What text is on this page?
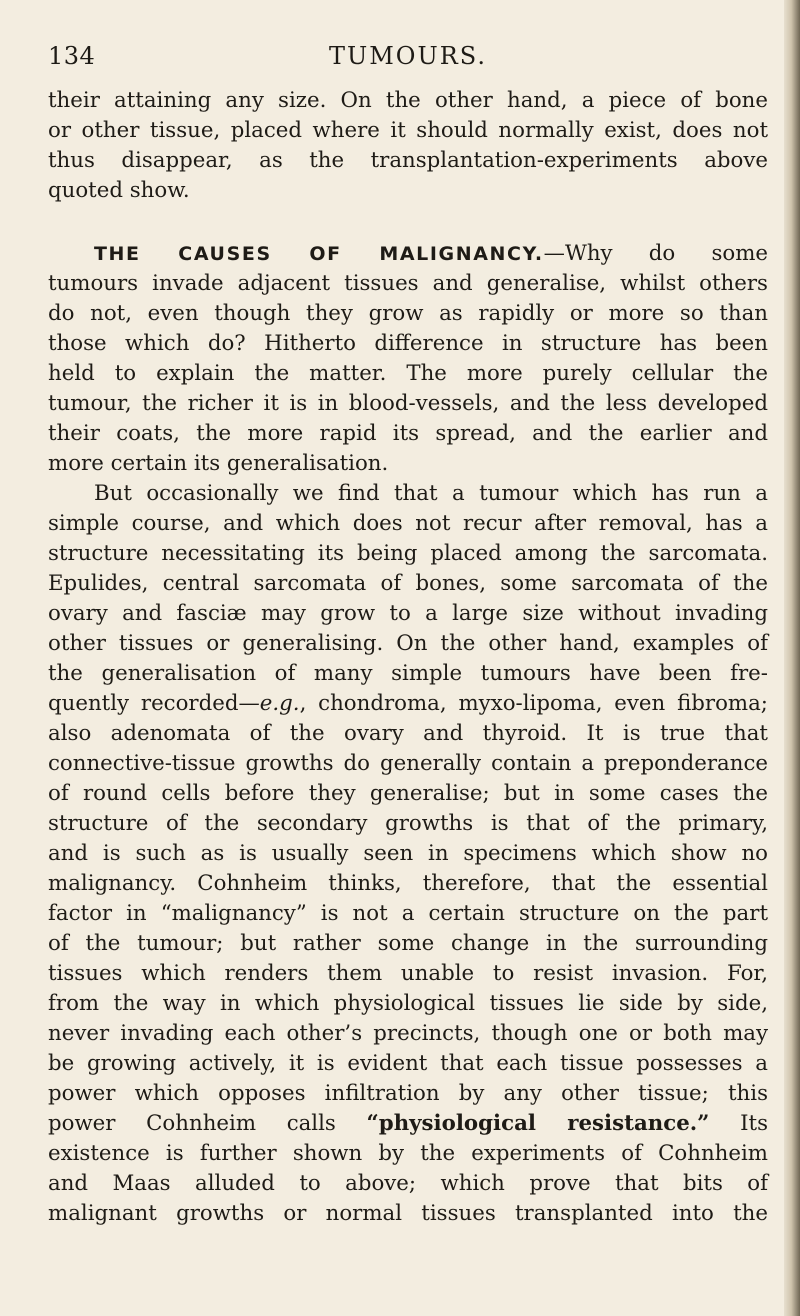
134	TUMOURS.

their attaining any size. On the other hand, a piece of bone
or other tissue, placed where it should normally exist, does not
thus disappear, as the transplantation-experiments above
quoted show.

THE CAUSES OF MALIGNANCY.—Why do some
tumours invade adjacent tissues and generalise, whilst others
do not, even though they grow as rapidly or more so than
those which do? Hitherto difference in structure has been
held to explain the matter. The more purely cellular the
tumour, the richer it is in blood-vessels, and the less developed
their coats, the more rapid its spread, and the earlier and
more certain its generalisation.

But occasionally we find that a tumour which has run a
simple course, and which does not recur after removal, has a
structure necessitating its being placed among the sarcomata.
Epulides, central sarcomata of bones, some sarcomata of the
ovary and fasciæ may grow to a large size without invading
other tissues or generalising. On the other hand, examples of
the generalisation of many simple tumours have been fre-
quently recorded—e.g., chondroma, myxo-lipoma, even fibroma;
also adenomata of the ovary and thyroid. It is true that
connective-tissue growths do generally contain a preponderance
of round cells before they generalise; but in some cases the
structure of the secondary growths is that of the primary,
and is such as is usually seen in specimens which show no
malignancy. Cohnheim thinks, therefore, that the essential
factor in “malignancy” is not a certain structure on the part
of the tumour; but rather some change in the surrounding
tissues which renders them unable to resist invasion. For,
from the way in which physiological tissues lie side by side,
never invading each other’s precincts, though one or both may
be growing actively, it is evident that each tissue possesses a
power which opposes infiltration by any other tissue; this
power Cohnheim calls “physiological resistance.” Its
existence is further shown by the experiments of Cohnheim
and Maas alluded to above; which prove that bits of
malignant growths or normal tissues transplanted into the
